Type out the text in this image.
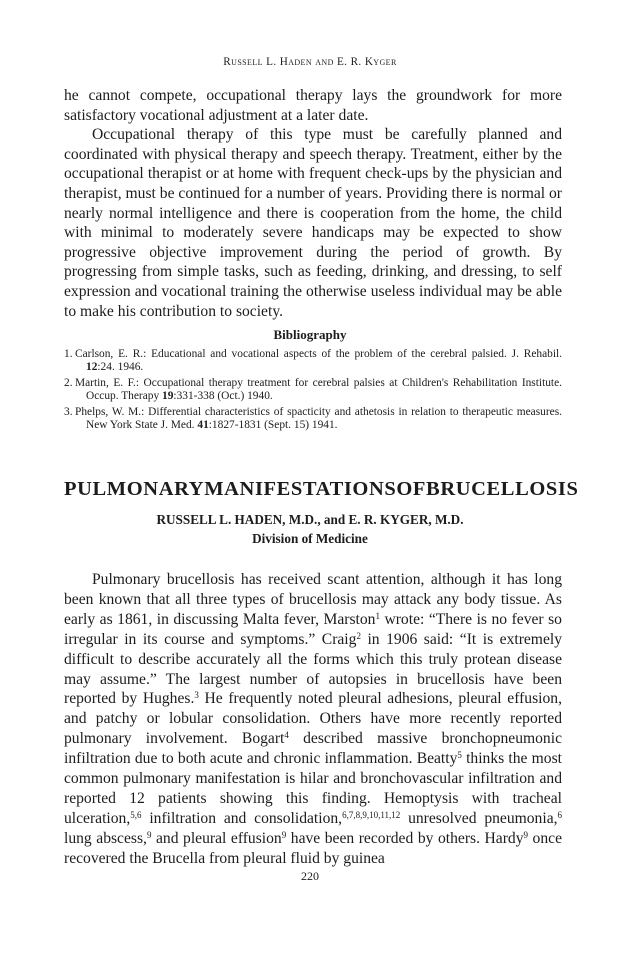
Russell L. Haden and E. R. Kyger

he cannot compete, occupational therapy lays the groundwork for more satisfactory vocational adjustment at a later date.

Occupational therapy of this type must be carefully planned and coordinated with physical therapy and speech therapy. Treatment, either by the occupational therapist or at home with frequent check-ups by the physician and therapist, must be continued for a number of years. Providing there is normal or nearly normal intelligence and there is cooperation from the home, the child with minimal to moderately severe handicaps may be expected to show progressive objective improvement during the period of growth. By progressing from simple tasks, such as feeding, drinking, and dressing, to self expression and vocational training the otherwise useless individual may be able to make his contribution to society.

Bibliography
1. Carlson, E. R.: Educational and vocational aspects of the problem of the cerebral palsied. J. Rehabil. 12:24. 1946.
2. Martin, E. F.: Occupational therapy treatment for cerebral palsies at Children's Rehabilitation Institute. Occup. Therapy 19:331-338 (Oct.) 1940.
3. Phelps, W. M.: Differential characteristics of spacticity and athetosis in relation to therapeutic measures. New York State J. Med. 41:1827-1831 (Sept. 15) 1941.
PULMONARY MANIFESTATIONS OF BRUCELLOSIS
RUSSELL L. HADEN, M.D., and E. R. KYGER, M.D.
Division of Medicine

Pulmonary brucellosis has received scant attention, although it has long been known that all three types of brucellosis may attack any body tissue. As early as 1861, in discussing Malta fever, Marston$^1$ wrote: “There is no fever so irregular in its course and symptoms.” Craig$^2$ in 1906 said: “It is extremely difficult to describe accurately all the forms which this truly protean disease may assume.” The largest number of autopsies in brucellosis have been reported by Hughes.$^3$ He frequently noted pleural adhesions, pleural effusion, and patchy or lobular consolidation. Others have more recently reported pulmonary involvement. Bogart$^4$ described massive bronchopneumonic infiltration due to both acute and chronic inflammation. Beatty$^5$ thinks the most common pulmonary manifestation is hilar and bronchovascular infiltration and reported 12 patients showing this finding. Hemoptysis with tracheal ulceration,$^{5,6}$ infiltration and consolidation,$^{6,7,8,9,10,11,12}$ unresolved pneumonia,$^6$ lung abscess,$^9$ and pleural effusion$^9$ have been recorded by others. Hardy$^9$ once recovered the Brucella from pleural fluid by guinea

220
